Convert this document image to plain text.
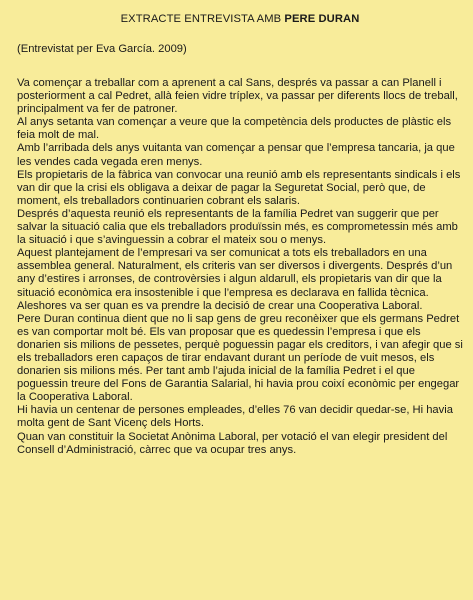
EXTRACTE ENTREVISTA AMB PERE DURAN
(Entrevistat per Eva García. 2009)

Va començar a treballar com a aprenent a cal Sans, després va passar a can Planell i posteriorment a cal Pedret, allà feien vidre tríplex, va passar per diferents llocs de treball, principalment va fer de patroner.

Al anys setanta van començar a veure que la competència dels productes de plàstic els feia molt de mal.

Amb l’arribada dels anys vuitanta van començar a pensar que l’empresa tancaria, ja que les vendes cada vegada eren menys.

Els propietaris de la fàbrica van convocar una reunió amb els representants sindicals i els van dir que la crisi els obligava a deixar de pagar la Seguretat Social, però que, de moment, els treballadors continuarien cobrant els salaris.

Després d’aquesta reunió els representants de la família Pedret van suggerir que per salvar la situació calia que els treballadors produïssin més, es comprometessin més amb la situació i que s’avinguessin a cobrar el mateix sou o menys.

Aquest plantejament de l’empresari va ser comunicat a tots els treballadors en una assemblea general. Naturalment, els criteris van ser diversos i divergents. Després d’un any d’estires i arronses, de controvèrsies i algun aldarull, els propietaris van dir que la situació econòmica era insostenible i que l’empresa es declarava en fallida tècnica. Aleshores va ser quan es va prendre la decisió de crear una Cooperativa Laboral.

Pere Duran continua dient que no li sap gens de greu reconèixer que els germans Pedret es van comportar molt bé. Els van proposar que es quedessin l’empresa i que els donarien sis milions de pessetes, perquè poguessin pagar els creditors, i van afegir que si els treballadors eren capaços de tirar endavant durant un període de vuit mesos, els donarien sis milions més. Per tant amb l’ajuda inicial de la família Pedret i el que poguessin treure del Fons de Garantia Salarial, hi havia prou coixí econòmic per engegar la Cooperativa Laboral.

Hi havia un centenar de persones empleades, d’elles 76 van decidir quedar-se, Hi havia molta gent de Sant Vicenç dels Horts.

Quan van constituir la Societat Anònima Laboral, per votació el van elegir president del Consell d’Administració, càrrec que va ocupar tres anys.
